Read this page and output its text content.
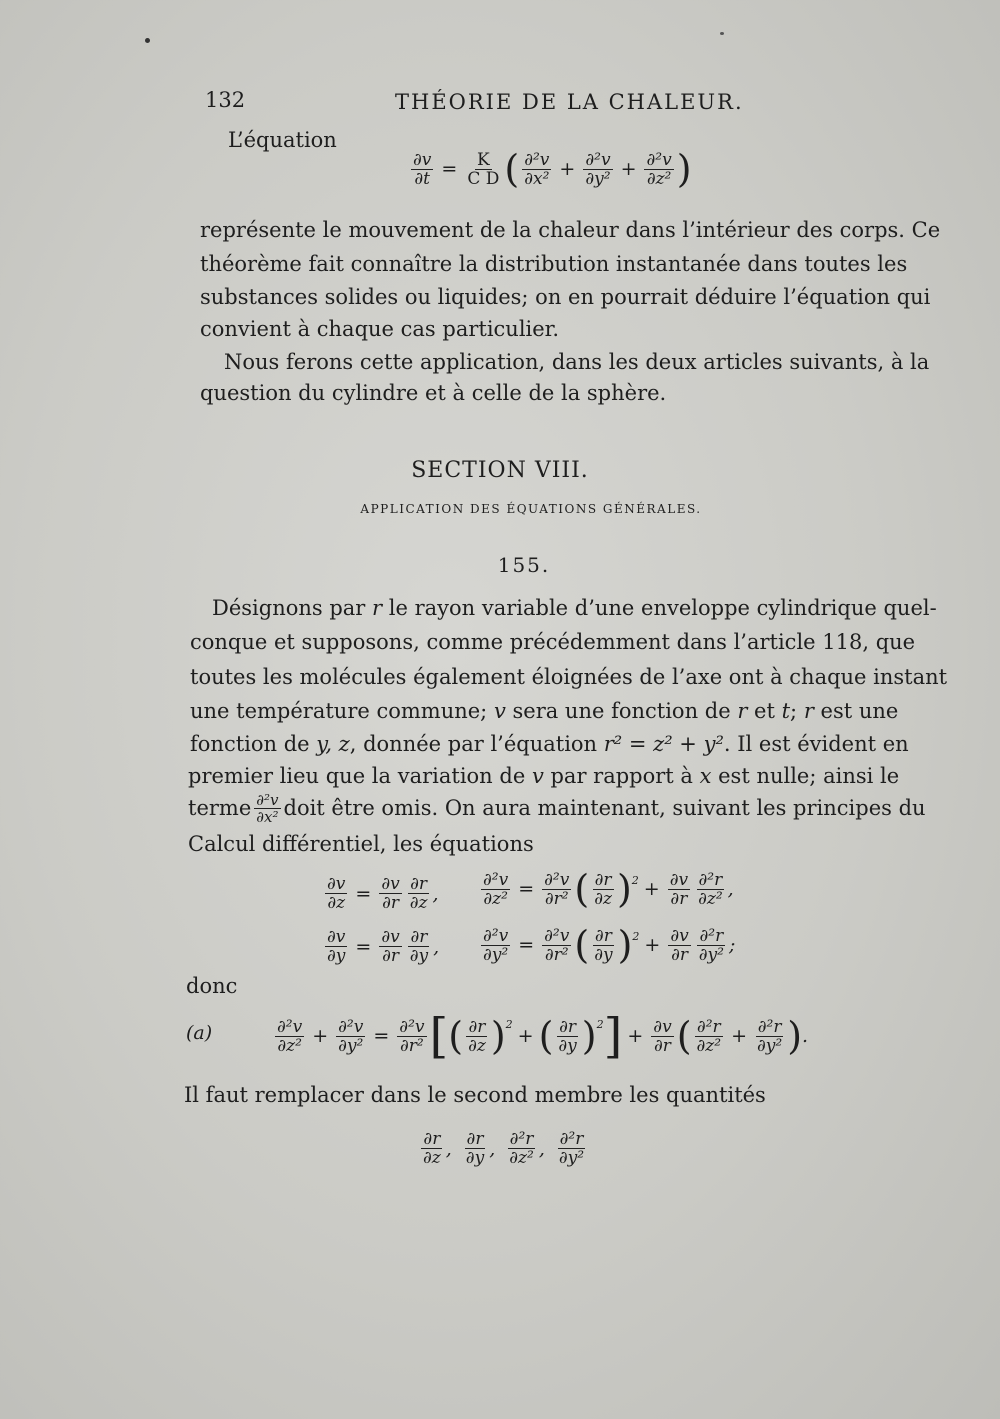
132	THÉORIE DE LA CHALEUR.
L’équation
$\frac{\partial v}{\partial t} = \frac{K}{\text{C D}}$ ( $\frac{\text{∂²v}}{\text{∂x²}} + \frac{\text{∂²v}}{\text{∂y²}} + \frac{\text{∂²v}}{\text{∂z²}}$ )
représente le mouvement de la chaleur dans l’intérieur des corps. Ce
théorème fait connaître la distribution instantanée dans toutes les
substances solides ou liquides; on en pourrait déduire l’équation qui
convient à chaque cas particulier.
Nous ferons cette application, dans les deux articles suivants, à la
question du cylindre et à celle de la sphère.
SECTION VIII.
APPLICATION DES ÉQUATIONS GÉNÉRALES.
155.
Désignons par r le rayon variable d’une enveloppe cylindrique quel-
conque et supposons, comme précédemment dans l’article 118, que
toutes les molécules également éloignées de l’axe ont à chaque instant
une température commune; v sera une fonction de r et t; r est une
fonction de y, z, donnée par l’équation r² = z² + y². Il est évident en
premier lieu que la variation de v par rapport à x est nulle; ainsi le
terme $\frac{\text{∂²v}}{\text{∂x²}}$ doit être omis. On aura maintenant, suivant les principes du
Calcul différentiel, les équations
$\frac{\partial v}{\partial z} = \frac{\partial v}{\partial r} \frac{\partial r}{\partial z}$ , $\frac{\text{∂²v}}{\text{∂z²}} = \frac{\text{∂²v}}{\text{∂r²}}$ ( $\frac{\partial r}{\partial z} )^2 + \frac{\partial v}{\partial r} \frac{\text{∂²r}}{\text{∂z²}}$ ,
$\frac{\partial v}{\partial y} = \frac{\partial v}{\partial r} \frac{\partial r}{\partial y}$ , $\frac{\text{∂²v}}{\text{∂y²}} = \frac{\text{∂²v}}{\text{∂r²}}$ ( $\frac{\partial r}{\partial y} )^2 + \frac{\partial v}{\partial r} \frac{\text{∂²r}}{\text{∂y²}}$ ;
donc
(a)	$\frac{\text{∂²v}}{\text{∂z²}} + \frac{\text{∂²v}}{\text{∂y²}} = \frac{\text{∂²v}}{\text{∂r²}}$ [ ( $\frac{\partial r}{\partial z} )^2$
+ ( $\frac{\partial r}{\partial y} )^2$ ] + $\frac{\partial v}{\partial r}$ ( $\frac{\text{∂²r}}{\text{∂z²}} + \frac{\text{∂²r}}{\text{∂y²}}$ ) .
Il faut remplacer dans le second membre les quantités
$\frac{\partial r}{\partial z}$ , $\frac{\partial r}{\partial y}$ , $\frac{\text{∂²r}}{\text{∂z²}}$ , $\frac{\text{∂²r}}{\text{∂y²}}$
